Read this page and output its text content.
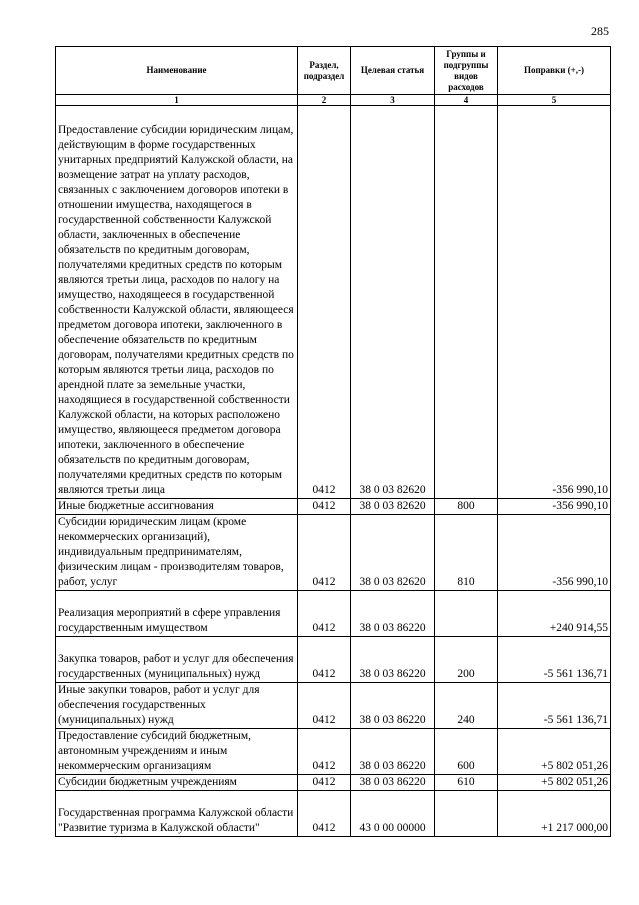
285
Наименование	Раздел, подраздел	Целевая статья	Группы и подгруппы видов расходов	Поправки (+,-)
1	2	3	4	5
Предоставление субсидии юридическим лицам, действующим в форме государственных унитарных предприятий Калужской области, на возмещение затрат на уплату расходов, связанных с заключением договоров ипотеки в отношении имущества, находящегося в государственной собственности Калужской области, заключенных в обеспечение обязательств по кредитным договорам, получателями кредитных средств по которым являются третьи лица, расходов по налогу на имущество, находящееся в государственной собственности Калужской области, являющееся предметом договора ипотеки, заключенного в обеспечение обязательств по кредитным договорам, получателями кредитных средств по которым являются третьи лица, расходов по арендной плате за земельные участки, находящиеся в государственной собственности Калужской области, на которых расположено имущество, являющееся предметом договора ипотеки, заключенного в обеспечение обязательств по кредитным договорам, получателями кредитных средств по которым являются третьи лица	0412	38 0 03 82620		-356 990,10
Иные бюджетные ассигнования	0412	38 0 03 82620	800	-356 990,10
Субсидии юридическим лицам (кроме некоммерческих организаций), индивидуальным предпринимателям, физическим лицам - производителям товаров, работ, услуг	0412	38 0 03 82620	810	-356 990,10
Реализация мероприятий в сфере управления государственным имуществом	0412	38 0 03 86220		+240 914,55
Закупка товаров, работ и услуг для обеспечения государственных (муниципальных) нужд	0412	38 0 03 86220	200	-5 561 136,71
Иные закупки товаров, работ и услуг для обеспечения государственных (муниципальных) нужд	0412	38 0 03 86220	240	-5 561 136,71
Предоставление субсидий бюджетным, автономным учреждениям и иным некоммерческим организациям	0412	38 0 03 86220	600	+5 802 051,26
Субсидии бюджетным учреждениям	0412	38 0 03 86220	610	+5 802 051,26
Государственная программа Калужской области "Развитие туризма в Калужской области"	0412	43 0 00 00000		+1 217 000,00
